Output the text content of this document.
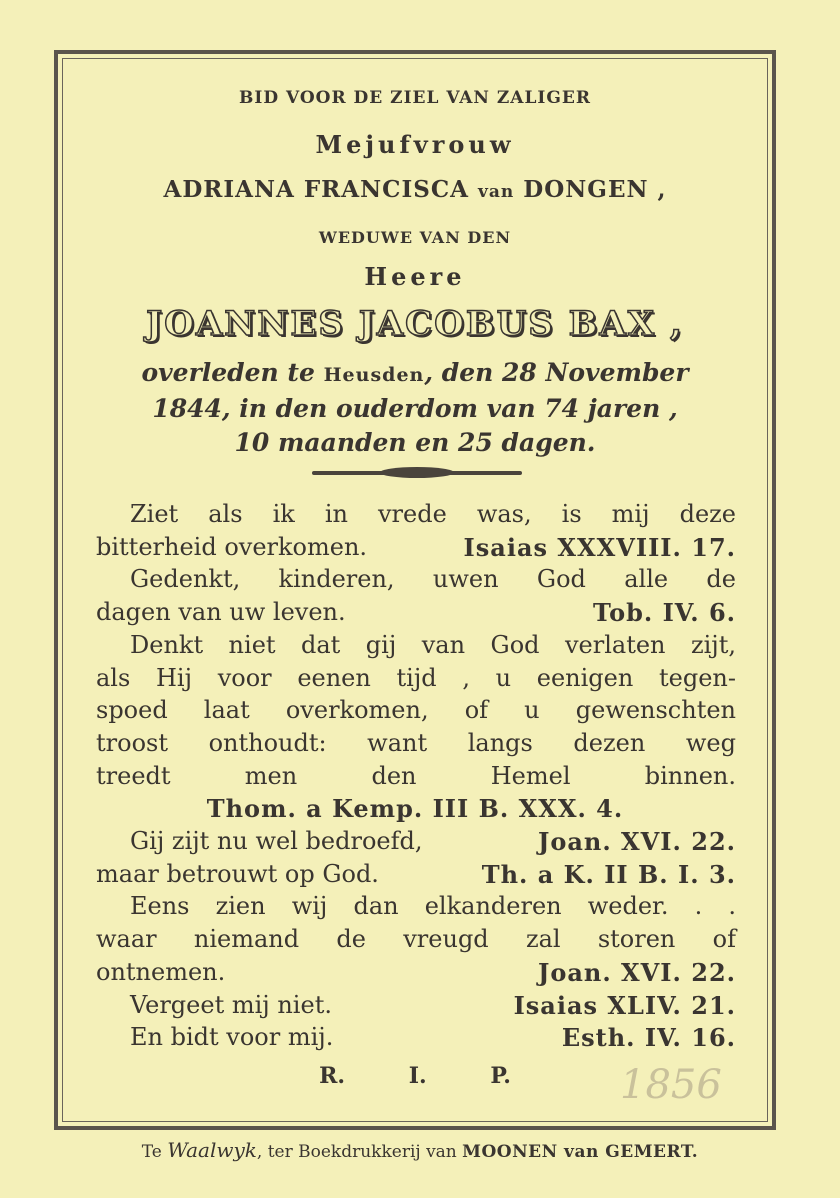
BID VOOR DE ZIEL VAN ZALIGER
Mejufvrouw
ADRIANA FRANCISCA van DONGEN ,
WEDUWE VAN DEN
Heere
JOANNES JACOBUS BAX ,
overleden te Heusden, den 28 November
1844, in den ouderdom van 74 jaren ,
10 maanden en 25 dagen.
Ziet als ik in vrede was, is mij deze
bitterheid overkomen.	Isaias XXXVIII. 17.
Gedenkt, kinderen, uwen God alle de
dagen van uw leven.	Tob. IV. 6.
Denkt niet dat gij van God verlaten zijt,
als Hij voor eenen tijd , u eenigen tegen-
spoed laat overkomen, of u gewenschten
troost onthoudt: want langs dezen weg
treedt men den Hemel binnen.
Thom. a Kemp. III B. XXX. 4.
Gij zijt nu wel bedroefd,	Joan. XVI. 22.
maar betrouwt op God.	Th. a K. II B. I. 3.
Eens zien wij dan elkanderen weder. . .
waar niemand de vreugd zal storen of
ontnemen.	Joan. XVI. 22.
Vergeet mij niet.	Isaias XLIV. 21.
En bidt voor mij.	Esth. IV. 16.
R. I. P.	1856
Te Waalwyk, ter Boekdrukkerij van MOONEN van GEMERT.
